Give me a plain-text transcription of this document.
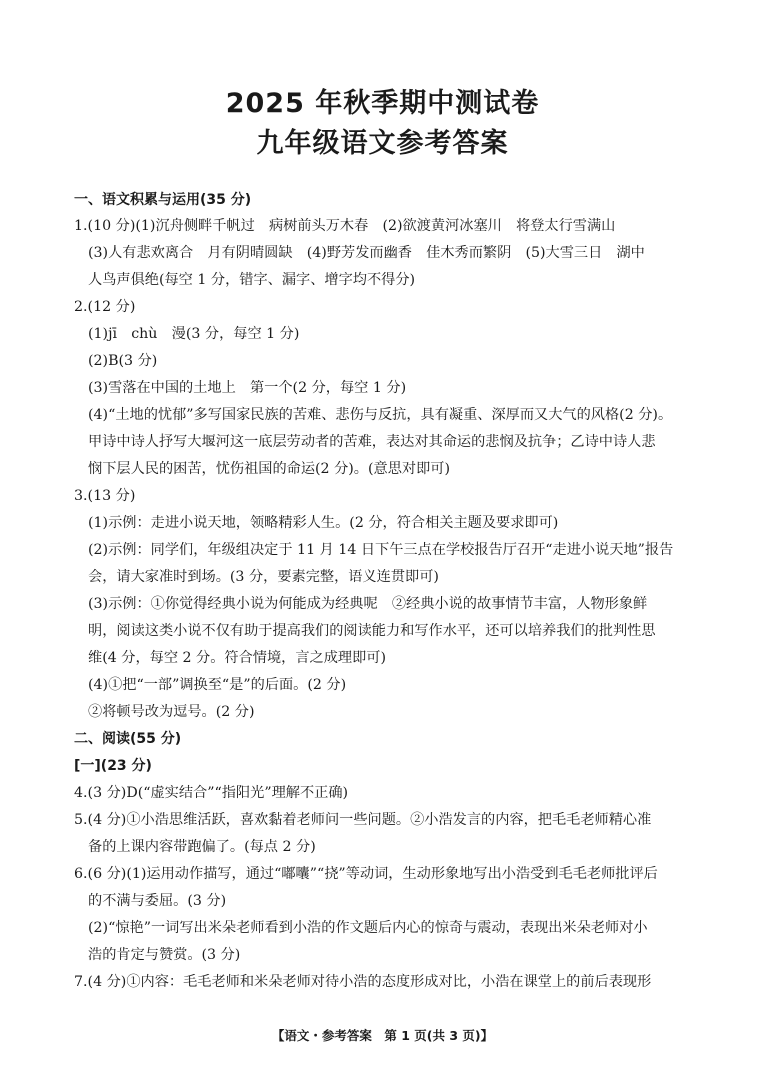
2025 年秋季期中测试卷
九年级语文参考答案
一、语文积累与运用(35 分)
1.(10 分)(1)沉舟侧畔千帆过　病树前头万木春　(2)欲渡黄河冰塞川　将登太行雪满山
(3)人有悲欢离合　月有阴晴圆缺　(4)野芳发而幽香　佳木秀而繁阴　(5)大雪三日　湖中
人鸟声俱绝(每空 1 分，错字、漏字、增字均不得分)
2.(12 分)
(1)jī　chù　漫(3 分，每空 1 分)
(2)B(3 分)
(3)雪落在中国的土地上　第一个(2 分，每空 1 分)
(4)“土地的忧郁”多写国家民族的苦难、悲伤与反抗，具有凝重、深厚而又大气的风格(2 分)。
甲诗中诗人抒写大堰河这一底层劳动者的苦难，表达对其命运的悲悯及抗争；乙诗中诗人悲
悯下层人民的困苦，忧伤祖国的命运(2 分)。(意思对即可)
3.(13 分)
(1)示例：走进小说天地，领略精彩人生。(2 分，符合相关主题及要求即可)
(2)示例：同学们，年级组决定于 11 月 14 日下午三点在学校报告厅召开“走进小说天地”报告
会，请大家准时到场。(3 分，要素完整，语义连贯即可)
(3)示例：①你觉得经典小说为何能成为经典呢　②经典小说的故事情节丰富，人物形象鲜
明，阅读这类小说不仅有助于提高我们的阅读能力和写作水平，还可以培养我们的批判性思
维(4 分，每空 2 分。符合情境，言之成理即可)
(4)①把“一部”调换至“是”的后面。(2 分)
②将顿号改为逗号。(2 分)
二、阅读(55 分)
[一](23 分)
4.(3 分)D(“虚实结合”“指阳光”理解不正确)
5.(4 分)①小浩思维活跃，喜欢黏着老师问一些问题。②小浩发言的内容，把毛毛老师精心准
备的上课内容带跑偏了。(每点 2 分)
6.(6 分)(1)运用动作描写，通过“嘟囔”“挠”等动词，生动形象地写出小浩受到毛毛老师批评后
的不满与委屈。(3 分)
(2)“惊艳”一词写出米朵老师看到小浩的作文题后内心的惊奇与震动，表现出米朵老师对小
浩的肯定与赞赏。(3 分)
7.(4 分)①内容：毛毛老师和米朵老师对待小浩的态度形成对比，小浩在课堂上的前后表现形
【语文・参考答案　第 1 页(共 3 页)】
